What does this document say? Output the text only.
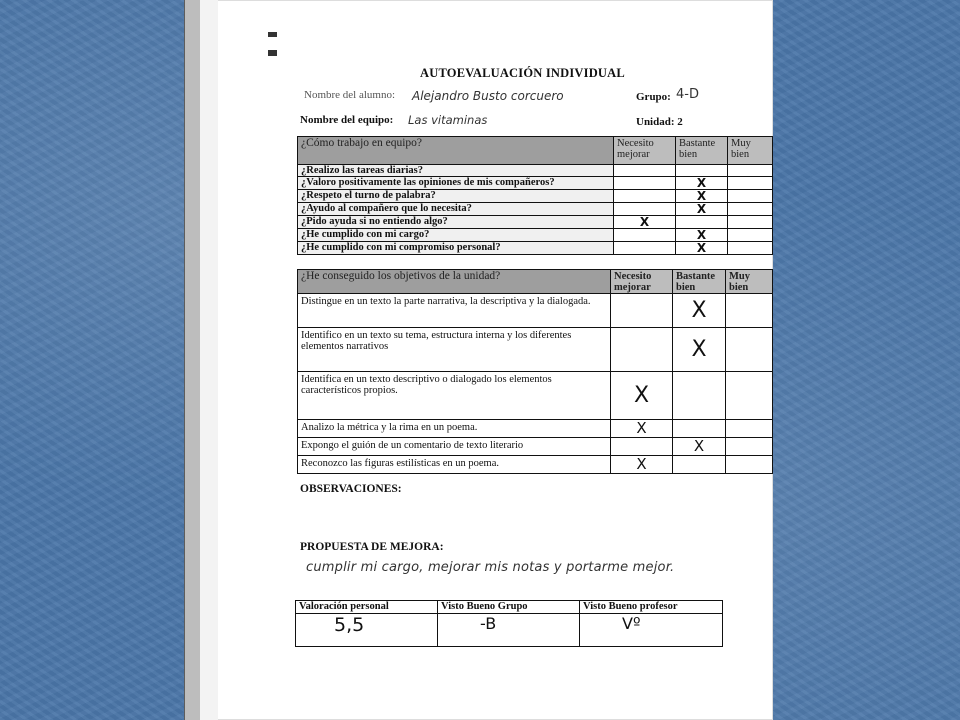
AUTOEVALUACIÓN INDIVIDUAL
Nombre del alumno: Alejandro Busto corcuero	Grupo: 4-D
Nombre del equipo: Las vitaminas	Unidad: 2
¿Cómo trabajo en equipo?	Necesito mejorar	Bastante bien	Muy bien
¿Realizo las tareas diarias?			
¿Valoro positivamente las opiniones de mis compañeros?		X	

¿Respeto el turno de palabra?		X	

¿Ayudo al compañero que lo necesita?		X	

¿Pido ayuda si no entiendo algo?	X		

¿He cumplido con mi cargo?		X	

¿He cumplido con mi compromiso personal?		X	

¿He conseguido los objetivos de la unidad?	Necesito mejorar	Bastante bien	Muy bien
Distingue en un texto la parte narrativa, la descriptiva y la dialogada.		X	

Identifico en un texto su tema, estructura interna y los diferentes elementos narrativos		X	

Identifica en un texto descriptivo o dialogado los elementos característicos propios.	X		

Analizo la métrica y la rima en un poema.	X		

Expongo el guión de un comentario de texto literario		X	

Reconozco las figuras estilísticas en un poema.	X		

OBSERVACIONES:
PROPUESTA DE MEJORA:
cumplir mi cargo, mejorar mis notas y portarme mejor.
Valoración personal	Visto Bueno Grupo	Visto Bueno profesor
5,5	-B	Vº
